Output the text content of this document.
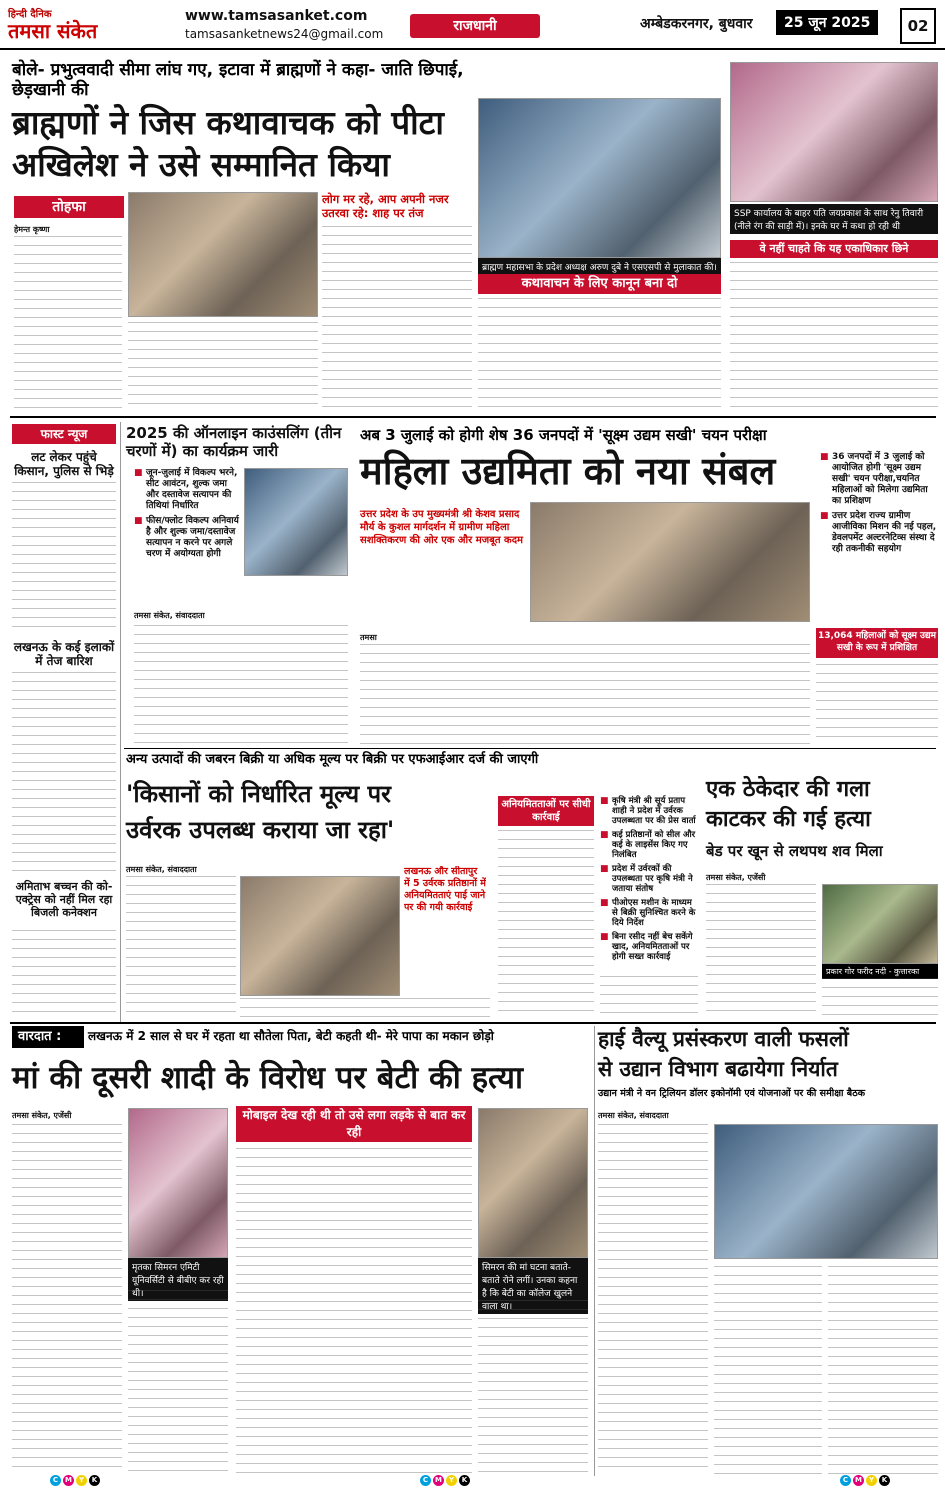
हिन्दी दैनिक
तमसा संकेत
www.tamsasanket.com
tamsasanketnews24@gmail.com	राजधानी	अम्बेडकरनगर, बुधवार	25 जून 2025	02
बोले- प्रभुत्ववादी सीमा लांघ गए, इटावा में ब्राह्मणों ने कहा- जाति छिपाई, छेड़खानी की
ब्राह्मणों ने जिस कथावाचक को पीटा
अखिलेश ने उसे सम्मानित किया
ब्राह्मण महासभा के प्रदेश अध्यक्ष अरुण दुबे ने एसएसपी से मुलाकात की।
SSP कार्यालय के बाहर पति जयप्रकाश के साथ रेनु तिवारी (नीले रंग की साड़ी में)। इनके घर में कथा हो रही थी
तोहफा
हेमन्त कृष्णा
लोग मर रहे, आप अपनी नजर उतरवा रहे: शाह पर तंज
कथावाचन के लिए कानून बना दो
वे नहीं चाहते कि यह एकाधिकार छिने
फास्ट न्यूज
लट लेकर पहुंचे किसान, पुलिस से भिड़े
लखनऊ के कई इलाकों में तेज बारिश
अमिताभ बच्चन की को-एक्ट्रेस को नहीं मिल रहा बिजली कनेक्शन
2025 की ऑनलाइन काउंसलिंग (तीन चरणों में) का कार्यक्रम जारी
■ जून-जुलाई में विकल्प भरने, सीट आवंटन, शुल्क जमा और दस्तावेज सत्यापन की तिथियां निर्धारित
■ फीस/फ्लोट विकल्प अनिवार्य है और शुल्क जमा/दस्तावेज सत्यापन न करने पर अगले चरण में अयोग्यता होगी
तमसा संकेत, संवाददाता
अब 3 जुलाई को होगी शेष 36 जनपदों में 'सूक्ष्म उद्यम सखी' चयन परीक्षा
महिला उद्यमिता को नया संबल
उत्तर प्रदेश के उप मुख्यमंत्री श्री केशव प्रसाद मौर्य के कुशल मार्गदर्शन में ग्रामीण महिला सशक्तिकरण की ओर एक और मजबूत कदम
■ 36 जनपदों में 3 जुलाई को आयोजित होगी 'सूक्ष्म उद्यम सखी' चयन परीक्षा,चयनित महिलाओं को मिलेगा उद्यमिता का प्रशिक्षण
■ उत्तर प्रदेश राज्य ग्रामीण आजीविका मिशन की नई पहल, डेवलपमेंट अल्टरनेटिव्स संस्था दे रही तकनीकी सहयोग
तमसा	13,064 महिलाओं को सूक्ष्म उद्यम सखी के रूप में प्रशिक्षित
अन्य उत्पादों की जबरन बिक्री या अधिक मूल्य पर बिक्री पर एफआईआर दर्ज की जाएगी
'किसानों को निर्धारित मूल्य पर
उर्वरक उपलब्ध कराया जा रहा'
तमसा संकेत, संवाददाता	लखनऊ और सीतापुर में 5 उर्वरक प्रतिष्ठानों में अनियमितताएं पाई जाने पर की गयी कार्रवाई
अनियमितताओं पर सीधी कार्रवाई
■ कृषि मंत्री श्री सूर्य प्रताप शाही ने प्रदेश में उर्वरक उपलब्धता पर की प्रेस वार्ता
■ कई प्रतिष्ठानों को सील और कई के लाइसेंस किए गए निलंबित
■ प्रदेश में उर्वरकों की उपलब्धता पर कृषि मंत्री ने जताया संतोष
■ पीओएस मशीन के माध्यम से बिक्री सुनिश्चित करने के दिये निर्देश
■ बिना रसीद नहीं बेच सकेंगे खाद, अनियमितताओं पर होगी सख्त कार्रवाई
एक ठेकेदार की गला
काटकर की गई हत्या
बेड पर खून से लथपथ शव मिला
तमसा संकेत, एजेंसी
प्रकार गोर फरीद नदी - कुत्तारका
वारदात :	लखनऊ में 2 साल से घर में रहता था सौतेला पिता, बेटी कहती थी- मेरे पापा का मकान छोड़ो
मां की दूसरी शादी के विरोध पर बेटी की हत्या
तमसा संकेत, एजेंसी
मृतका सिमरन एमिटी यूनिवर्सिटी से बीबीए कर रही थी।
मोबाइल देख रही थी तो उसे लगा लड़के से बात कर रही
सिमरन की मां घटना बताते-बताते रोने लगीं। उनका कहना है कि बेटी का कॉलेज खुलने वाला था।
हाई वैल्यू प्रसंस्करण वाली फसलों
से उद्यान विभाग बढायेगा निर्यात
उद्यान मंत्री ने वन ट्रिलियन डॉलर इकोनॉमी एवं योजनाओं पर की समीक्षा बैठक
तमसा संकेत, संवाददाता
C M Y	K	C M Y	K	C M Y	K
